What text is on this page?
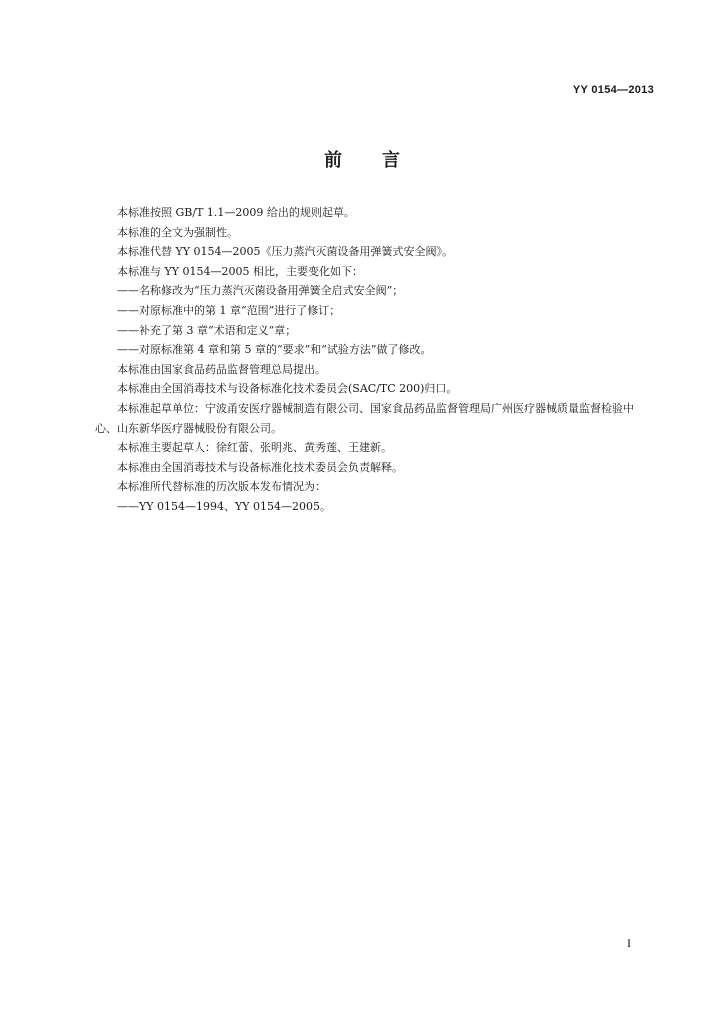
YY 0154—2013
前言

本标准按照 GB/T 1.1—2009 给出的规则起草。

本标准的全文为强制性。

本标准代替 YY 0154—2005《压力蒸汽灭菌设备用弹簧式安全阀》。

本标准与 YY 0154—2005 相比，主要变化如下：

——名称修改为“压力蒸汽灭菌设备用弹簧全启式安全阀”；

——对原标准中的第 1 章“范围”进行了修订；

——补充了第 3 章“术语和定义”章；

——对原标准第 4 章和第 5 章的“要求”和“试验方法”做了修改。

本标准由国家食品药品监督管理总局提出。

本标准由全国消毒技术与设备标准化技术委员会(SAC/TC 200)归口。

本标准起草单位：宁波甬安医疗器械制造有限公司、国家食品药品监督管理局广州医疗器械质量监督检验中心、山东新华医疗器械股份有限公司。

本标准主要起草人：徐红蕾、张明兆、黄秀莲、王建新。

本标准由全国消毒技术与设备标准化技术委员会负责解释。

本标准所代替标准的历次版本发布情况为：

——YY 0154—1994、YY 0154—2005。

I
